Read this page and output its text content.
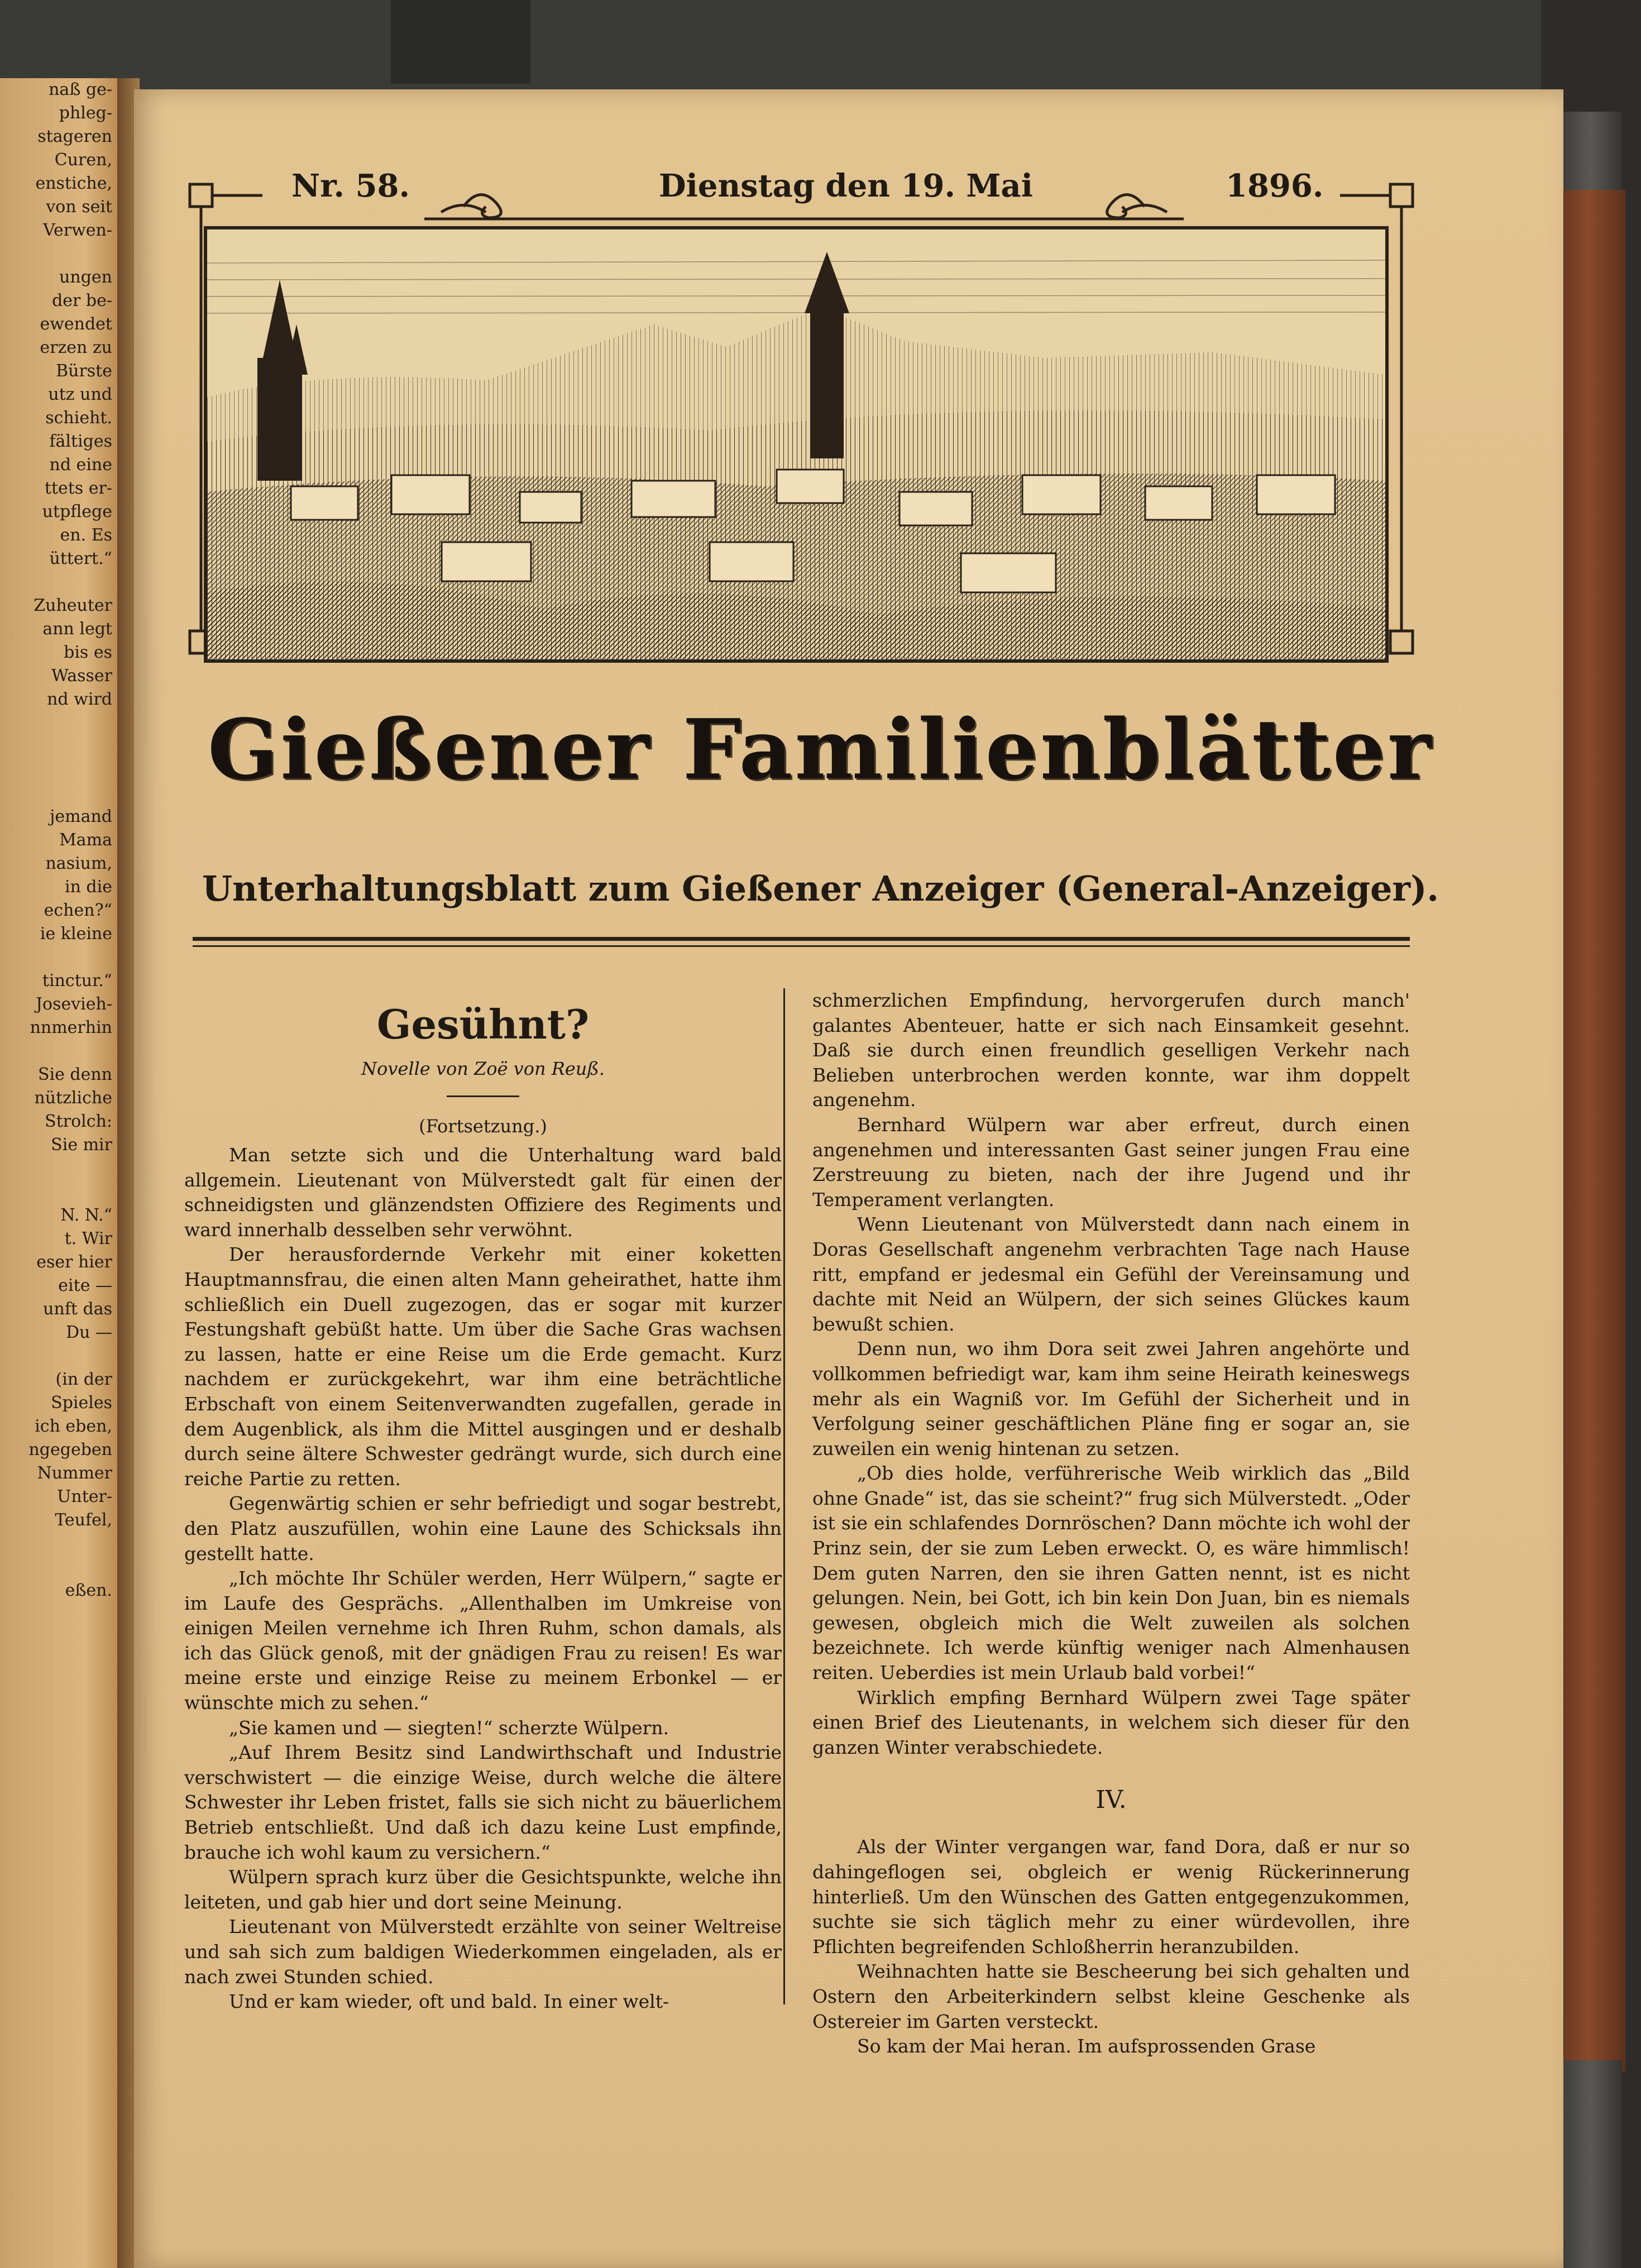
naß ge-
phleg-
stageren
Curen,
enstiche,
von seit
Verwen-
ungen
der be-
ewendet
erzen zu
Bürste
utz und
schieht.
fältiges
nd eine
ttets er-
utpflege
en. Es
üttert.“
Zuheuter
ann legt
bis es
Wasser
nd wird
jemand
Mama
nasium,
in die
echen?“
ie kleine
tinctur.“
Josevieh-
nnmerhin
Sie denn
nützliche
Strolch:
Sie mir
N. N.“
t. Wir
eser hier
eite —
unft das
Du —
(in der
Spieles
ich eben,
ngegeben
Nummer
Unter-
Teufel,
eßen.
Nr. 58.	Dienstag den 19. Mai	1896.
Gießener Familienblätter
Unterhaltungsblatt zum Gießener Anzeiger (General-Anzeiger).
Gesühnt?
Novelle von Zoë von Reuß.
(Fortsetzung.)

Man setzte sich und die Unterhaltung ward bald allgemein. Lieutenant von Mülverstedt galt für einen der schneidigsten und glänzendsten Offiziere des Regiments und ward innerhalb desselben sehr verwöhnt.

Der herausfordernde Verkehr mit einer koketten Hauptmannsfrau, die einen alten Mann geheirathet, hatte ihm schließlich ein Duell zugezogen, das er sogar mit kurzer Festungshaft gebüßt hatte. Um über die Sache Gras wachsen zu lassen, hatte er eine Reise um die Erde gemacht. Kurz nachdem er zurückgekehrt, war ihm eine beträchtliche Erbschaft von einem Seitenverwandten zugefallen, gerade in dem Augenblick, als ihm die Mittel ausgingen und er deshalb durch seine ältere Schwester gedrängt wurde, sich durch eine reiche Partie zu retten.

Gegenwärtig schien er sehr befriedigt und sogar bestrebt, den Platz auszufüllen, wohin eine Laune des Schicksals ihn gestellt hatte.

„Ich möchte Ihr Schüler werden, Herr Wülpern,“ sagte er im Laufe des Gesprächs. „Allenthalben im Umkreise von einigen Meilen vernehme ich Ihren Ruhm, schon damals, als ich das Glück genoß, mit der gnädigen Frau zu reisen! Es war meine erste und einzige Reise zu meinem Erbonkel — er wünschte mich zu sehen.“

„Sie kamen und — siegten!“ scherzte Wülpern.

„Auf Ihrem Besitz sind Landwirthschaft und Industrie verschwistert — die einzige Weise, durch welche die ältere Schwester ihr Leben fristet, falls sie sich nicht zu bäuerlichem Betrieb entschließt. Und daß ich dazu keine Lust empfinde, brauche ich wohl kaum zu versichern.“

Wülpern sprach kurz über die Gesichtspunkte, welche ihn leiteten, und gab hier und dort seine Meinung.

Lieutenant von Mülverstedt erzählte von seiner Weltreise und sah sich zum baldigen Wiederkommen eingeladen, als er nach zwei Stunden schied.

Und er kam wieder, oft und bald. In einer welt-

schmerzlichen Empfindung, hervorgerufen durch manch' galantes Abenteuer, hatte er sich nach Einsamkeit gesehnt. Daß sie durch einen freundlich geselligen Verkehr nach Belieben unterbrochen werden konnte, war ihm doppelt angenehm.

Bernhard Wülpern war aber erfreut, durch einen angenehmen und interessanten Gast seiner jungen Frau eine Zerstreuung zu bieten, nach der ihre Jugend und ihr Temperament verlangten.

Wenn Lieutenant von Mülverstedt dann nach einem in Doras Gesellschaft angenehm verbrachten Tage nach Hause ritt, empfand er jedesmal ein Gefühl der Vereinsamung und dachte mit Neid an Wülpern, der sich seines Glückes kaum bewußt schien.

Denn nun, wo ihm Dora seit zwei Jahren angehörte und vollkommen befriedigt war, kam ihm seine Heirath keineswegs mehr als ein Wagniß vor. Im Gefühl der Sicherheit und in Verfolgung seiner geschäftlichen Pläne fing er sogar an, sie zuweilen ein wenig hintenan zu setzen.

„Ob dies holde, verführerische Weib wirklich das „Bild ohne Gnade“ ist, das sie scheint?“ frug sich Mülverstedt. „Oder ist sie ein schlafendes Dornröschen? Dann möchte ich wohl der Prinz sein, der sie zum Leben erweckt. O, es wäre himmlisch! Dem guten Narren, den sie ihren Gatten nennt, ist es nicht gelungen. Nein, bei Gott, ich bin kein Don Juan, bin es niemals gewesen, obgleich mich die Welt zuweilen als solchen bezeichnete. Ich werde künftig weniger nach Almenhausen reiten. Ueberdies ist mein Urlaub bald vorbei!“

Wirklich empfing Bernhard Wülpern zwei Tage später einen Brief des Lieutenants, in welchem sich dieser für den ganzen Winter verabschiedete.

IV.

Als der Winter vergangen war, fand Dora, daß er nur so dahingeflogen sei, obgleich er wenig Rückerinnerung hinterließ. Um den Wünschen des Gatten entgegenzukommen, suchte sie sich täglich mehr zu einer würdevollen, ihre Pflichten begreifenden Schloßherrin heranzubilden.

Weihnachten hatte sie Bescheerung bei sich gehalten und Ostern den Arbeiterkindern selbst kleine Geschenke als Ostereier im Garten versteckt.

So kam der Mai heran. Im aufsprossenden Grase
